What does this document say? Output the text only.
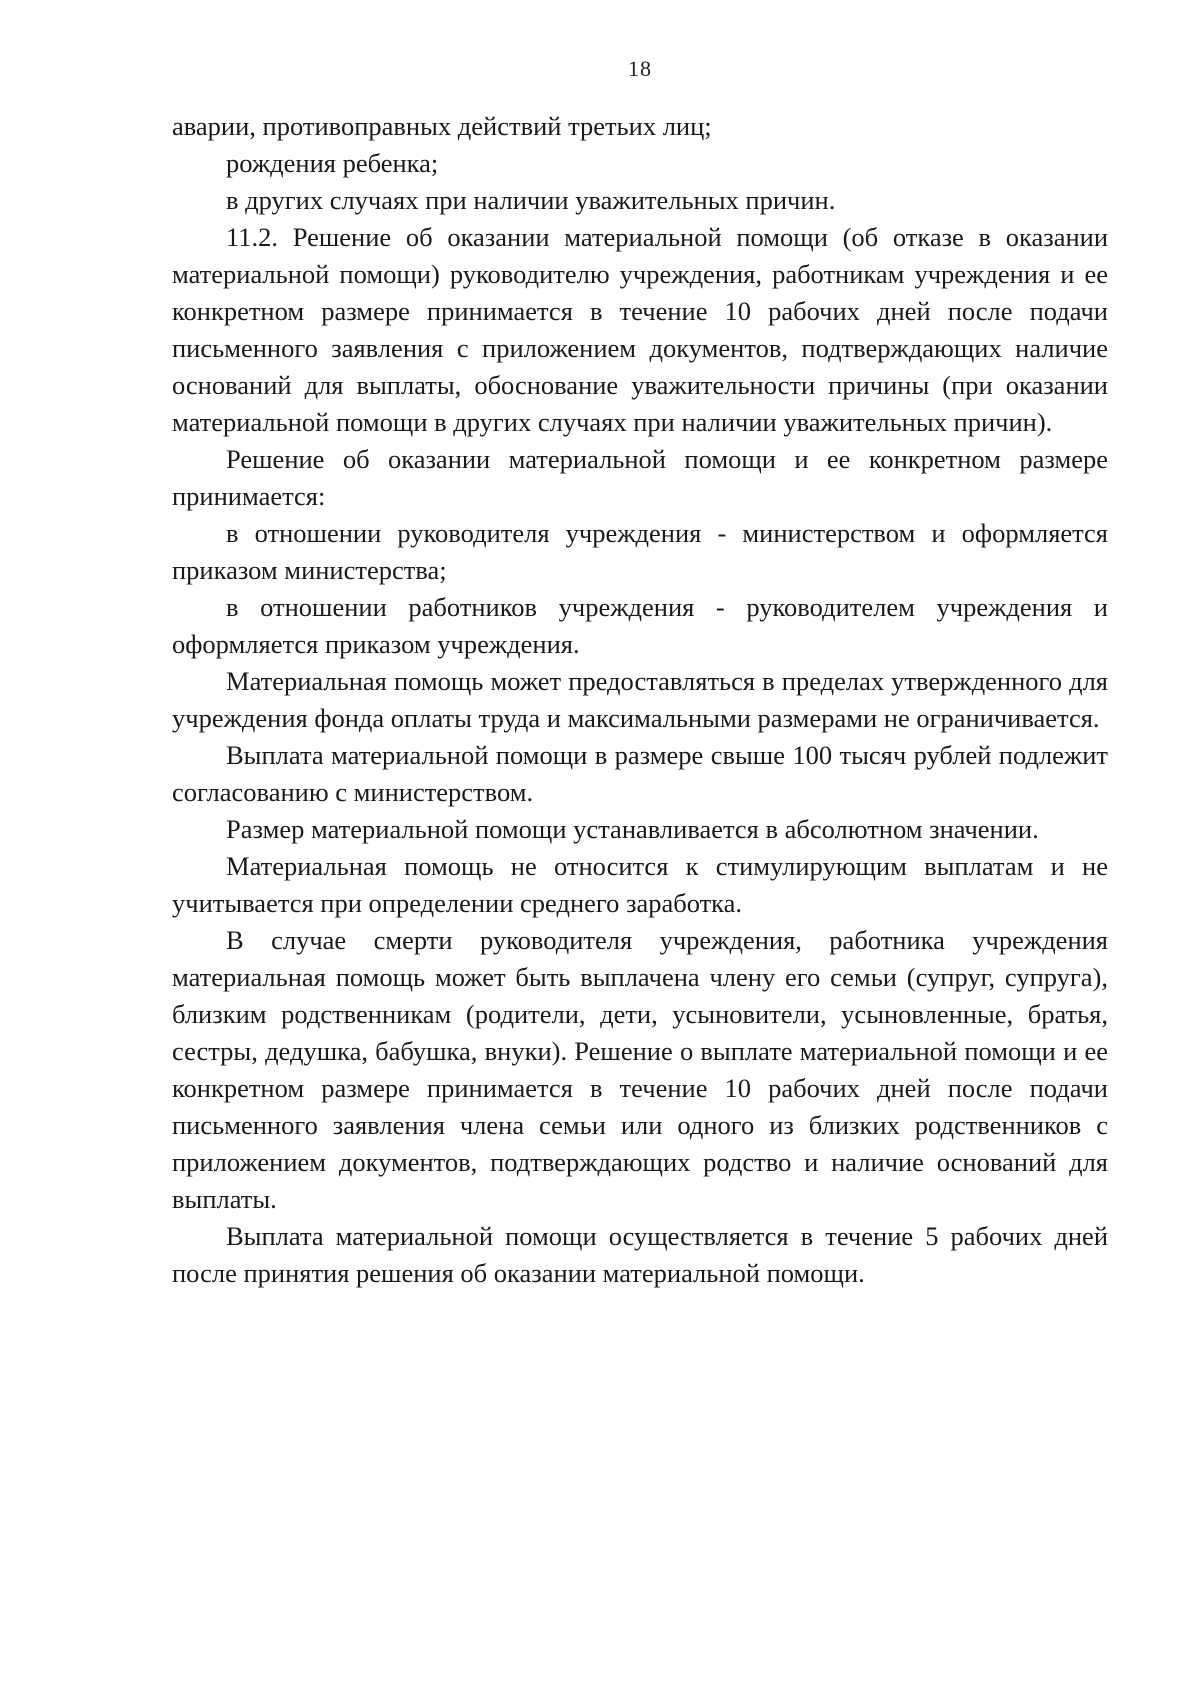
18

аварии, противоправных действий третьих лиц;

рождения ребенка;

в других случаях при наличии уважительных причин.

11.2. Решение об оказании материальной помощи (об отказе в оказании материальной помощи) руководителю учреждения, работникам учреждения и ее конкретном размере принимается в течение 10 рабочих дней после подачи письменного заявления с приложением документов, подтверждающих наличие оснований для выплаты, обоснование уважительности причины (при оказании материальной помощи в других случаях при наличии уважительных причин).

Решение об оказании материальной помощи и ее конкретном размере принимается:

в отношении руководителя учреждения - министерством и оформляется приказом министерства;

в отношении работников учреждения - руководителем учреждения и оформляется приказом учреждения.

Материальная помощь может предоставляться в пределах утвержденного для учреждения фонда оплаты труда и максимальными размерами не ограничивается.

Выплата материальной помощи в размере свыше 100 тысяч рублей подлежит согласованию с министерством.

Размер материальной помощи устанавливается в абсолютном значении.

Материальная помощь не относится к стимулирующим выплатам и не учитывается при определении среднего заработка.

В случае смерти руководителя учреждения, работника учреждения материальная помощь может быть выплачена члену его семьи (супруг, супруга), близким родственникам (родители, дети, усыновители, усыновленные, братья, сестры, дедушка, бабушка, внуки). Решение о выплате материальной помощи и ее конкретном размере принимается в течение 10 рабочих дней после подачи письменного заявления члена семьи или одного из близких родственников с приложением документов, подтверждающих родство и наличие оснований для выплаты.

Выплата материальной помощи осуществляется в течение 5 рабочих дней после принятия решения об оказании материальной помощи.
